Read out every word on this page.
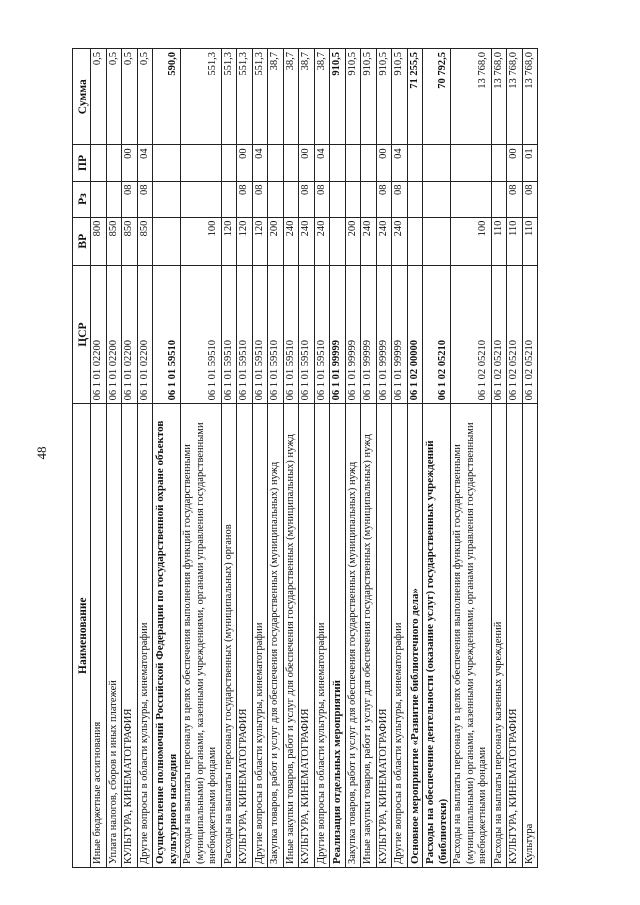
48
Наименование	ЦСР	ВР	Рз	ПР	Сумма
Иные бюджетные ассигнования	06 1 01 02200	800			0,5
Уплата налогов, сборов и иных платежей	06 1 01 02200	850			0,5
КУЛЬТУРА, КИНЕМАТОГРАФИЯ	06 1 01 02200	850	08	00	0,5
Другие вопросы в области культуры, кинематографии	06 1 01 02200	850	08	04	0,5
Осуществление полномочий Российской Федерации по государственной охране объектов культурного наследия	06 1 01 59510				590,0
Расходы на выплаты персоналу в целях обеспечения выполнения функций государственными (муниципальными) органами, казенными учреждениями, органами управления государственными внебюджетными фондами	06 1 01 59510	100			551,3
Расходы на выплаты персоналу государственных (муниципальных) органов	06 1 01 59510	120			551,3
КУЛЬТУРА, КИНЕМАТОГРАФИЯ	06 1 01 59510	120	08	00	551,3
Другие вопросы в области культуры, кинематографии	06 1 01 59510	120	08	04	551,3
Закупка товаров, работ и услуг для обеспечения государственных (муниципальных) нужд	06 1 01 59510	200			38,7
Иные закупки товаров, работ и услуг для обеспечения государственных (муниципальных) нужд	06 1 01 59510	240			38,7
КУЛЬТУРА, КИНЕМАТОГРАФИЯ	06 1 01 59510	240	08	00	38,7
Другие вопросы в области культуры, кинематографии	06 1 01 59510	240	08	04	38,7
Реализация отдельных мероприятий	06 1 01 99999				910,5
Закупка товаров, работ и услуг для обеспечения государственных (муниципальных) нужд	06 1 01 99999	200			910,5
Иные закупки товаров, работ и услуг для обеспечения государственных (муниципальных) нужд	06 1 01 99999	240			910,5
КУЛЬТУРА, КИНЕМАТОГРАФИЯ	06 1 01 99999	240	08	00	910,5
Другие вопросы в области культуры, кинематографии	06 1 01 99999	240	08	04	910,5
Основное мероприятие «Развитие библиотечного дела»	06 1 02 00000				71 255,5
Расходы на обеспечение деятельности (оказание услуг) государственных учреждений (библиотеки)	06 1 02 05210				70 792,5
Расходы на выплаты персоналу в целях обеспечения выполнения функций государственными (муниципальными) органами, казенными учреждениями, органами управления государственными внебюджетными фондами	06 1 02 05210	100			13 768,0
Расходы на выплаты персоналу казенных учреждений	06 1 02 05210	110			13 768,0
КУЛЬТУРА, КИНЕМАТОГРАФИЯ	06 1 02 05210	110	08	00	13 768,0
Культура	06 1 02 05210	110	08	01	13 768,0
